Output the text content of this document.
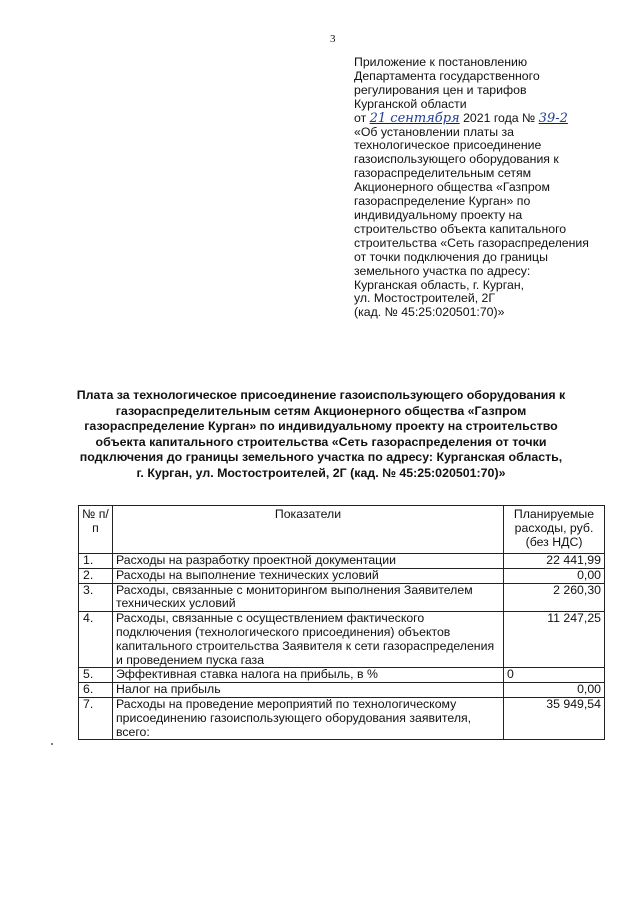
3
Приложение к постановлению
Департамента государственного
регулирования цен и тарифов
Курганской области
от 21 сентября 2021 года № 39-2
«Об установлении платы за
технологическое присоединение
газоиспользующего оборудования к
газораспределительным сетям
Акционерного общества «Газпром
газораспределение Курган» по
индивидуальному проекту на
строительство объекта капитального
строительства «Сеть газораспределения
от точки подключения до границы
земельного участка по адресу:
Курганская область, г. Курган,
ул. Мостостроителей, 2Г
(кад. № 45:25:020501:70)»
Плата за технологическое присоединение газоиспользующего оборудования к газораспределительным сетям Акционерного общества «Газпром газораспределение Курган» по индивидуальному проекту на строительство объекта капитального строительства «Сеть газораспределения от точки подключения до границы земельного участка по адресу: Курганская область, г. Курган, ул. Мостостроителей, 2Г (кад. № 45:25:020501:70)»
№ п/п	Показатели	Планируемые расходы, руб. (без НДС)
1.	Расходы на разработку проектной документации	22 441,99
2.	Расходы на выполнение технических условий	0,00
3.	Расходы, связанные с мониторингом выполнения Заявителем технических условий	2 260,30
4.	Расходы, связанные с осуществлением фактического подключения (технологического присоединения) объектов капитального строительства Заявителя к сети газораспределения и проведением пуска газа	11 247,25
5.	Эффективная ставка налога на прибыль, в %	0
6.	Налог на прибыль	0,00
7.	Расходы на проведение мероприятий по технологическому присоединению газоиспользующего оборудования заявителя, всего:	35 949,54
